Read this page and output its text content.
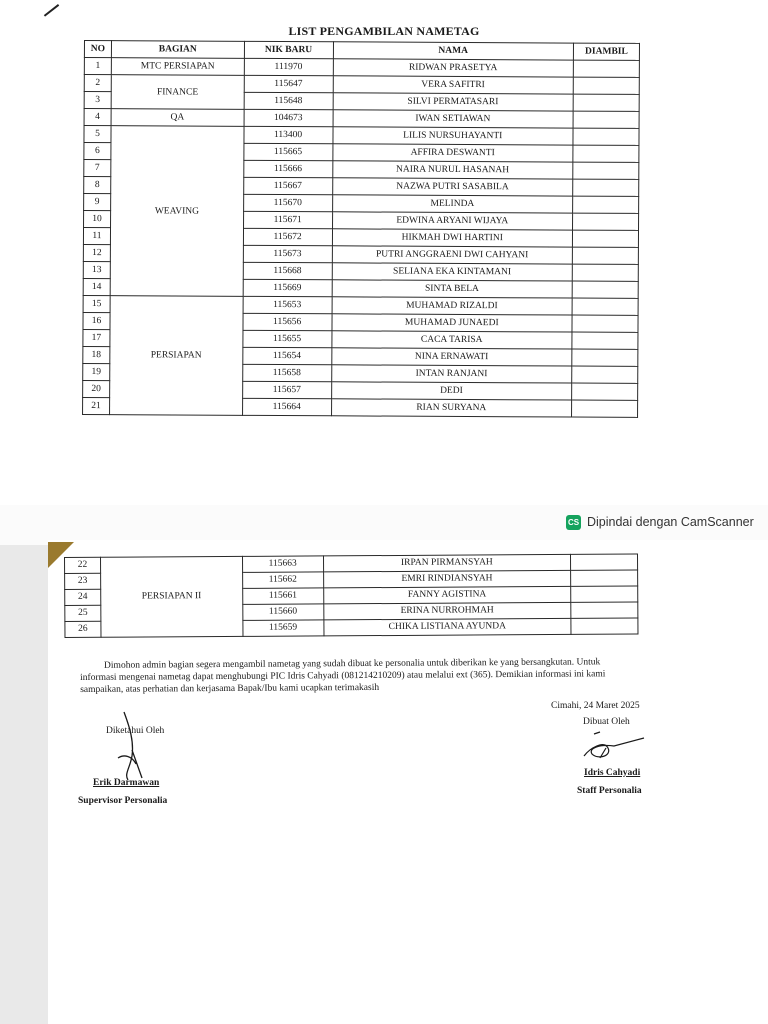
LIST PENGAMBILAN NAMETAG
NO	BAGIAN	NIK BARU	NAMA	DIAMBIL
1	MTC PERSIAPAN	111970	RIDWAN PRASETYA	
2	FINANCE	115647	VERA SAFITRI	
3		115648	SILVI PERMATASARI	
4	QA	104673	IWAN SETIAWAN	
5	WEAVING	113400	LILIS NURSUHAYANTI	
6		115665	AFFIRA DESWANTI	
7		115666	NAIRA NURUL HASANAH	
8		115667	NAZWA PUTRI SASABILA	
9		115670	MELINDA	
10		115671	EDWINA ARYANI WIJAYA	
11		115672	HIKMAH DWI HARTINI	
12		115673	PUTRI ANGGRAENI DWI CAHYANI	
13		115668	SELIANA EKA KINTAMANI	
14		115669	SINTA BELA	
15	PERSIAPAN	115653	MUHAMAD RIZALDI	
16		115656	MUHAMAD JUNAEDI	
17		115655	CACA TARISA	
18		115654	NINA ERNAWATI	
19		115658	INTAN RANJANI	
20		115657	DEDI	
21		115664	RIAN SURYANA	
CS Dipindai dengan CamScanner
22	PERSIAPAN II	115663	IRPAN PIRMANSYAH	
23		115662	EMRI RINDIANSYAH	
24		115661	FANNY AGISTINA	
25		115660	ERINA NURROHMAH	
26		115659	CHIKA LISTIANA AYUNDA	
Dimohon admin bagian segera mengambil nametag yang sudah dibuat ke personalia untuk diberikan ke yang bersangkutan. Untuk
informasi mengenai nametag dapat menghubungi PIC Idris Cahyadi (081214210209) atau melalui ext (365). Demikian informasi ini kami
sampaikan, atas perhatian dan kerjasama Bapak/Ibu kami ucapkan terimakasih
Cimahi, 24 Maret 2025
Dibuat Oleh
Idris Cahyadi
Staff Personalia
Diketahui Oleh
Erik Darmawan
Supervisor Personalia
